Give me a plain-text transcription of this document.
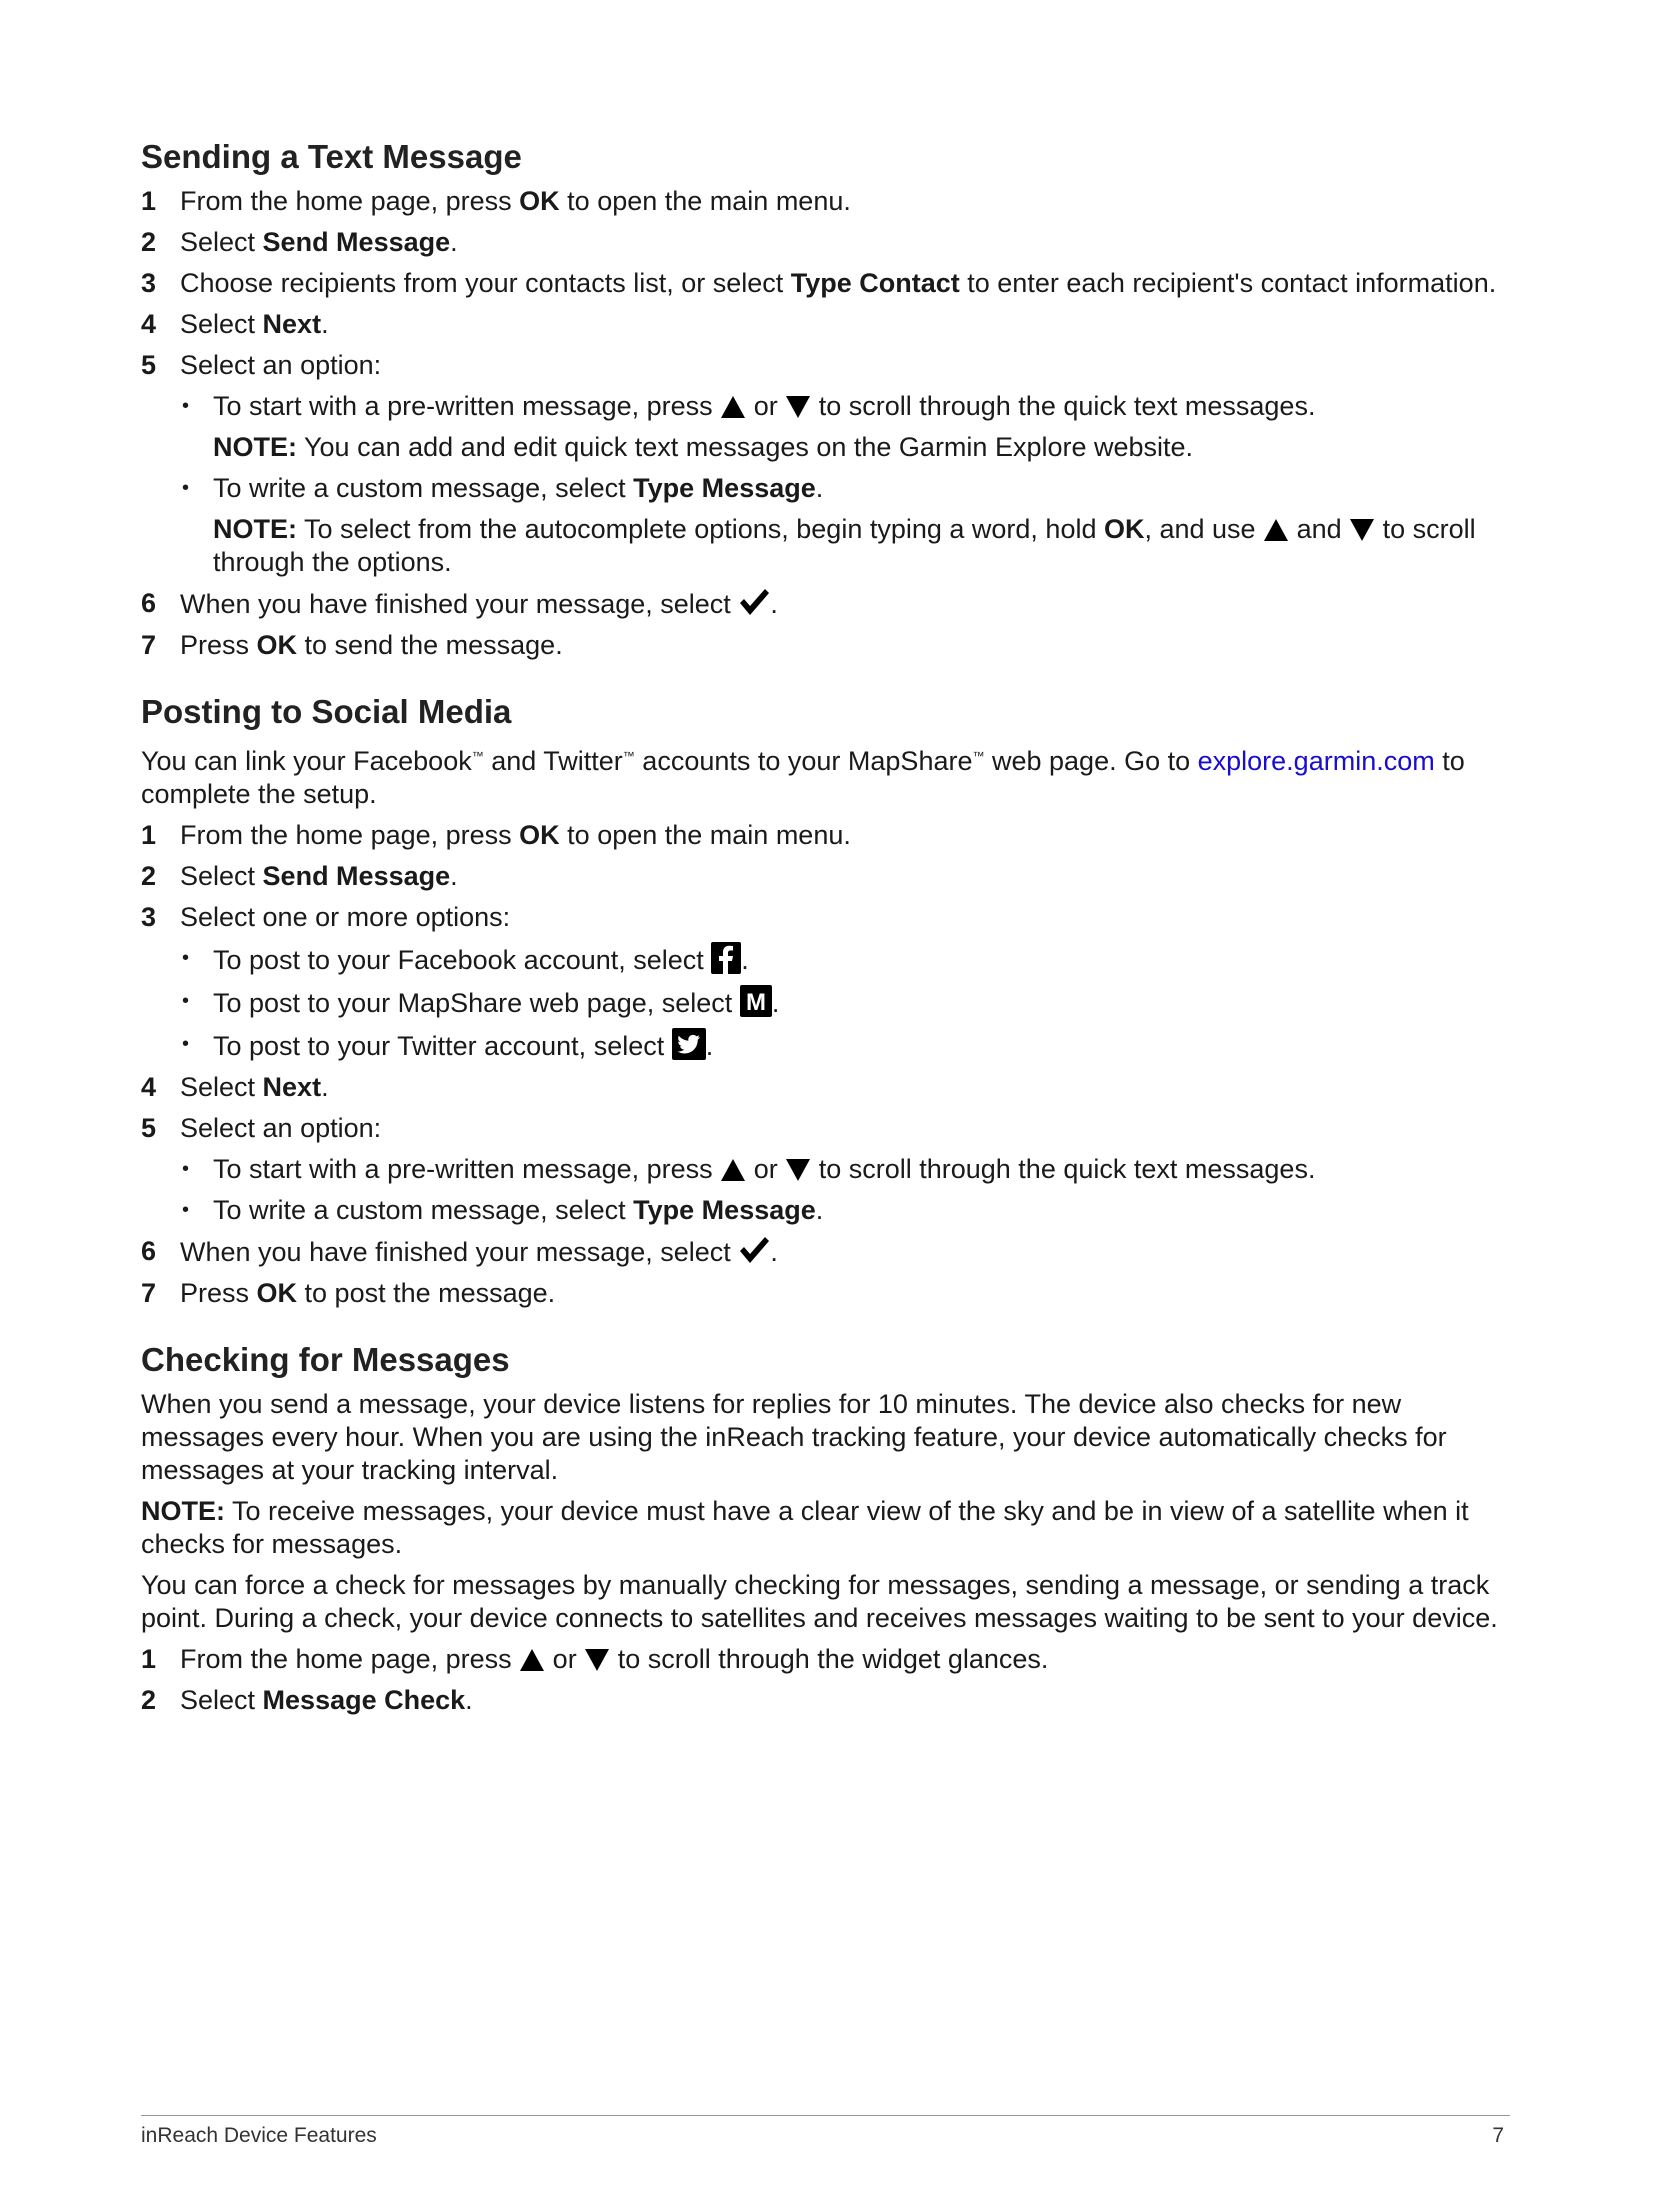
Sending a Text Message
1 From the home page, press OK to open the main menu.
2 Select Send Message.
3 Choose recipients from your contacts list, or select Type Contact to enter each recipient's contact information.
4 Select Next.
5 Select an option:
• To start with a pre-written message, press
or
to scroll through the quick text messages.
NOTE: You can add and edit quick text messages on the Garmin Explore website.
• To write a custom message, select Type Message.
NOTE: To select from the autocomplete options, begin typing a word, hold OK, and use
and
to scroll through the options.
6 When you have finished your message, select
.
7 Press OK to send the message.
Posting to Social Media

You can link your Facebook™ and Twitter™ accounts to your MapShare™ web page. Go to explore.garmin.com to complete the setup.

1 From the home page, press OK to open the main menu.
2 Select Send Message.
3 Select one or more options:
• To post to your Facebook account, select
.
• To post to your MapShare web page, select M .
• To post to your Twitter account, select
.
4 Select Next.
5 Select an option:
• To start with a pre-written message, press
or
to scroll through the quick text messages.
• To write a custom message, select Type Message.
6 When you have finished your message, select
.
7 Press OK to post the message.
Checking for Messages

When you send a message, your device listens for replies for 10 minutes. The device also checks for new messages every hour. When you are using the inReach tracking feature, your device automatically checks for messages at your tracking interval.

NOTE: To receive messages, your device must have a clear view of the sky and be in view of a satellite when it checks for messages.

You can force a check for messages by manually checking for messages, sending a message, or sending a track point. During a check, your device connects to satellites and receives messages waiting to be sent to your device.

1 From the home page, press
or
to scroll through the widget glances.
2 Select Message Check.
inReach Device Features	7
